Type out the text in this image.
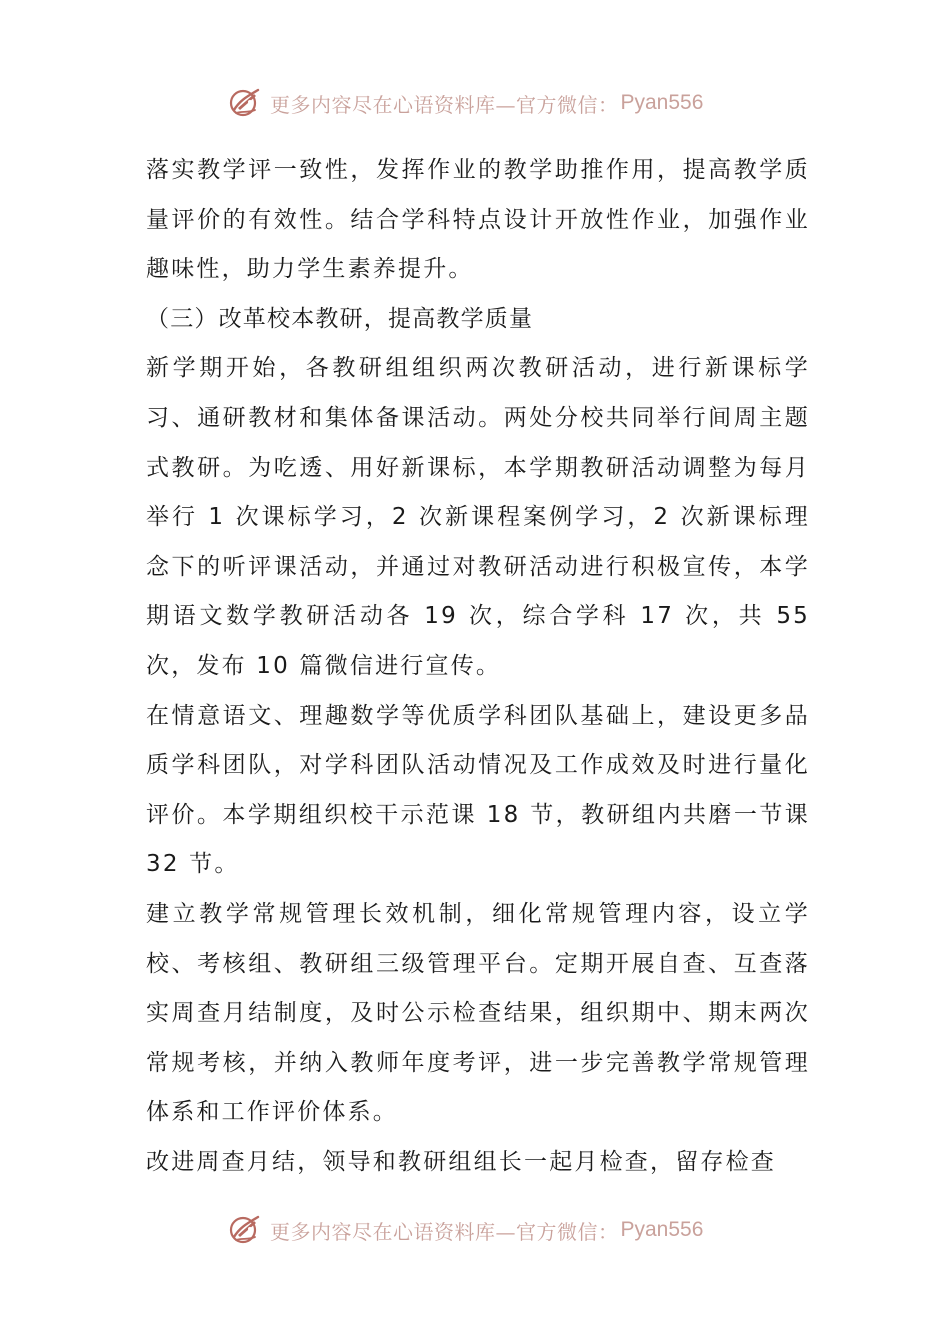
更多内容尽在心语资料库—官方微信： Pyan556

落实教学评一致性，发挥作业的教学助推作用，提高教学质量评价的有效性。结合学科特点设计开放性作业，加强作业趣味性，助力学生素养提升。

（三）改革校本教研，提高教学质量

新学期开始，各教研组组织两次教研活动，进行新课标学习、通研教材和集体备课活动。两处分校共同举行间周主题式教研。为吃透、用好新课标，本学期教研活动调整为每月举行 1 次课标学习，2 次新课程案例学习，2 次新课标理念下的听评课活动，并通过对教研活动进行积极宣传，本学期语文数学教研活动各 19 次，综合学科 17 次，共 55 次，发布 10 篇微信进行宣传。

在情意语文、理趣数学等优质学科团队基础上，建设更多品质学科团队，对学科团队活动情况及工作成效及时进行量化评价。本学期组织校干示范课 18 节，教研组内共磨一节课 32 节。

建立教学常规管理长效机制，细化常规管理内容，设立学校、考核组、教研组三级管理平台。定期开展自查、互查落实周查月结制度，及时公示检查结果，组织期中、期末两次常规考核，并纳入教师年度考评，进一步完善教学常规管理体系和工作评价体系。

改进周查月结，领导和教研组组长一起月检查，留存检查

更多内容尽在心语资料库—官方微信： Pyan556
